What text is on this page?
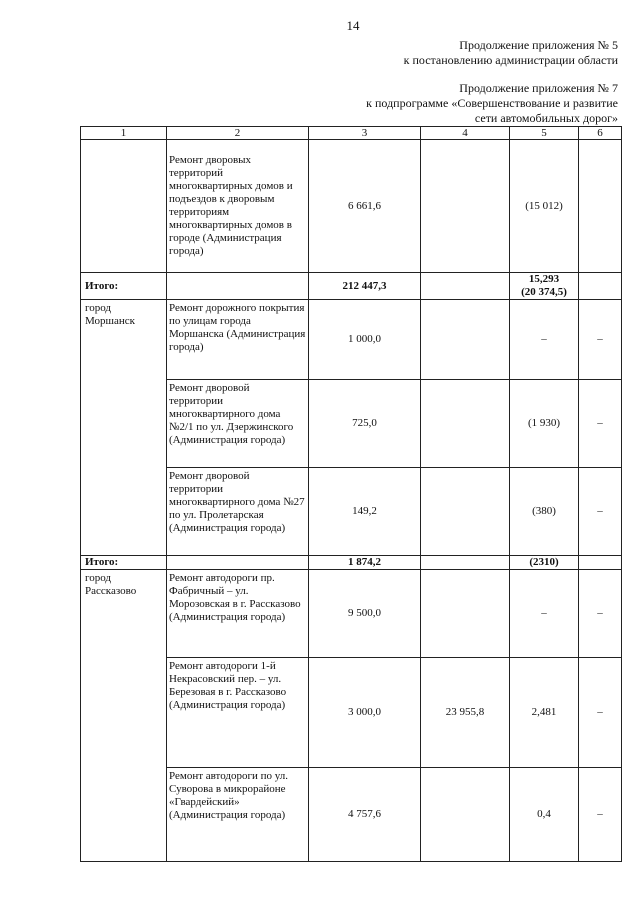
14
Продолжение приложения № 5
к постановлению администрации области
Продолжение приложения № 7
к подпрограмме «Совершенствование и развитие
сети автомобильных дорог»
1	2	3	4	5	6
	Ремонт дворовых территорий многоквартирных домов и подъездов к дворовым территориям многоквартирных домов в городе (Администрация города)	6 661,6		(15 012)	
Итого:		212 447,3		15,293
(20 374,5)	

город Моршанск	Ремонт дорожного покрытия по улицам города Моршанска (Администрация города)	1 000,0		–	–
	Ремонт дворовой территории многоквартирного дома №2/1 по ул. Дзержинского (Администрация города)	725,0		(1 930)	–
	Ремонт дворовой территории многоквартирного дома №27 по ул. Пролетарская (Администрация города)	149,2		(380)	–
Итого:		1 874,2		(2310)	
город Рассказово	Ремонт автодороги пр. Фабричный – ул. Морозовская в г. Рассказово (Администрация города)	9 500,0		–	–
	Ремонт автодороги 1-й Некрасовский пер. – ул. Березовая в г. Рассказово (Администрация города)	3 000,0	23 955,8	2,481	–
	Ремонт автодороги по ул. Суворова в микрорайоне «Гвардейский» (Администрация города)	4 757,6		0,4	–
